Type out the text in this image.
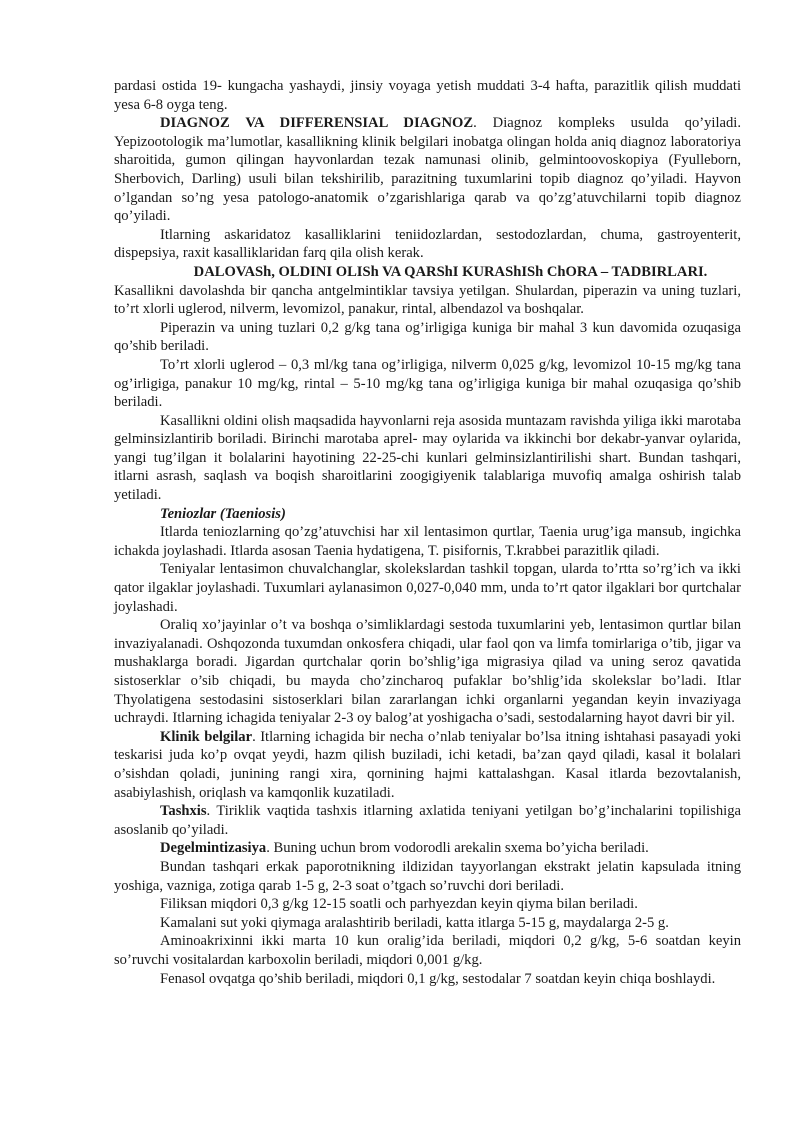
pardasi ostida 19- kungacha yashaydi, jinsiy voyaga yetish muddati 3-4 hafta, parazitlik qilish muddati yesa 6-8 oyga teng.

DIAGNOZ VA DIFFERENSIAL DIAGNOZ. Diagnoz kompleks usulda qo’yiladi. Yepizootologik ma’lumotlar, kasallikning klinik belgilari inobatga olingan holda aniq diagnoz laboratoriya sharoitida, gumon qilingan hayvonlardan tezak namunasi olinib, gelmintoovoskopiya (Fyulleborn, Sherbovich, Darling) usuli bilan tekshirilib, parazitning tuxumlarini topib diagnoz qo’yiladi. Hayvon o’lgandan so’ng yesa patologo-anatomik o’zgarishlariga qarab va qo’zg’atuvchilarni topib diagnoz qo’yiladi.

Itlarning askaridatoz kasalliklarini teniidozlardan, sestodozlardan, chuma, gastroyenterit, dispepsiya, raxit kasalliklaridan farq qila olish kerak.

DALOVASh, OLDINI OLISh VA QARShI KURAShISh ChORA – TADBIRLARI.

Kasallikni davolashda bir qancha antgelmintiklar tavsiya yetilgan. Shulardan, piperazin va uning tuzlari, to’rt xlorli uglerod, nilverm, levomizol, panakur, rintal, albendazol va boshqalar.

Piperazin va uning tuzlari 0,2 g/kg tana og’irligiga kuniga bir mahal 3 kun davomida ozuqasiga qo’shib beriladi.

To’rt xlorli uglerod – 0,3 ml/kg tana og’irligiga, nilverm 0,025 g/kg, levomizol 10-15 mg/kg tana og’irligiga, panakur 10 mg/kg, rintal – 5-10 mg/kg tana og’irligiga kuniga bir mahal ozuqasiga qo’shib beriladi.

Kasallikni oldini olish maqsadida hayvonlarni reja asosida muntazam ravishda yiliga ikki marotaba gelminsizlantirib boriladi. Birinchi marotaba aprel- may oylarida va ikkinchi bor dekabr-yanvar oylarida, yangi tug’ilgan it bolalarini hayotining 22-25-chi kunlari gelminsizlantirilishi shart. Bundan tashqari, itlarni asrash, saqlash va boqish sharoitlarini zoogigiyenik talablariga muvofiq amalga oshirish talab yetiladi.

Teniozlar (Taeniosis)

Itlarda teniozlarning qo’zg’atuvchisi har xil lentasimon qurtlar, Taenia urug’iga mansub, ingichka ichakda joylashadi. Itlarda asosan Taenia hydatigena, T. pisifornis, T.krabbei parazitlik qiladi.

Teniyalar lentasimon chuvalchanglar, skolekslardan tashkil topgan, ularda to’rtta so’rg’ich va ikki qator ilgaklar joylashadi. Tuxumlari aylanasimon 0,027-0,040 mm, unda to’rt qator ilgaklari bor qurtchalar joylashadi.

Oraliq xo’jayinlar o’t va boshqa o’simliklardagi sestoda tuxumlarini yeb, lentasimon qurtlar bilan invaziyalanadi. Oshqozonda tuxumdan onkosfera chiqadi, ular faol qon va limfa tomirlariga o’tib, jigar va mushaklarga boradi. Jigardan qurtchalar qorin bo’shlig’iga migrasiya qilad va uning seroz qavatida sistoserklar o’sib chiqadi, bu mayda cho’zincharoq pufaklar bo’shlig’ida skolekslar bo’ladi. Itlar Thyolatigena sestodasini sistoserklari bilan zararlangan ichki organlarni yegandan keyin invaziyaga uchraydi. Itlarning ichagida teniyalar 2-3 oy balog’at yoshigacha o’sadi, sestodalarning hayot davri bir yil.

Klinik belgilar. Itlarning ichagida bir necha o’nlab teniyalar bo’lsa itning ishtahasi pasayadi yoki teskarisi juda ko’p ovqat yeydi, hazm qilish buziladi, ichi ketadi, ba’zan qayd qiladi, kasal it bolalari o’sishdan qoladi, junining rangi xira, qornining hajmi kattalashgan. Kasal itlarda bezovtalanish, asabiylashish, oriqlash va kamqonlik kuzatiladi.

Tashxis. Tiriklik vaqtida tashxis itlarning axlatida teniyani yetilgan bo’g’inchalarini topilishiga asoslanib qo’yiladi.

Degelmintizasiya. Buning uchun brom vodorodli arekalin sxema bo’yicha beriladi.

Bundan tashqari erkak paporotnikning ildizidan tayyorlangan ekstrakt jelatin kapsulada itning yoshiga, vazniga, zotiga qarab 1-5 g, 2-3 soat o’tgach so’ruvchi dori beriladi.

Filiksan miqdori 0,3 g/kg 12-15 soatli och parhyezdan keyin qiyma bilan beriladi.

Kamalani sut yoki qiymaga aralashtirib beriladi, katta itlarga 5-15 g, maydalarga 2-5 g.

Aminoakrixinni ikki marta 10 kun oralig’ida beriladi, miqdori 0,2 g/kg, 5-6 soatdan keyin so’ruvchi vositalardan karboxolin beriladi, miqdori 0,001 g/kg.

Fenasol ovqatga qo’shib beriladi, miqdori 0,1 g/kg, sestodalar 7 soatdan keyin chiqa boshlaydi.
